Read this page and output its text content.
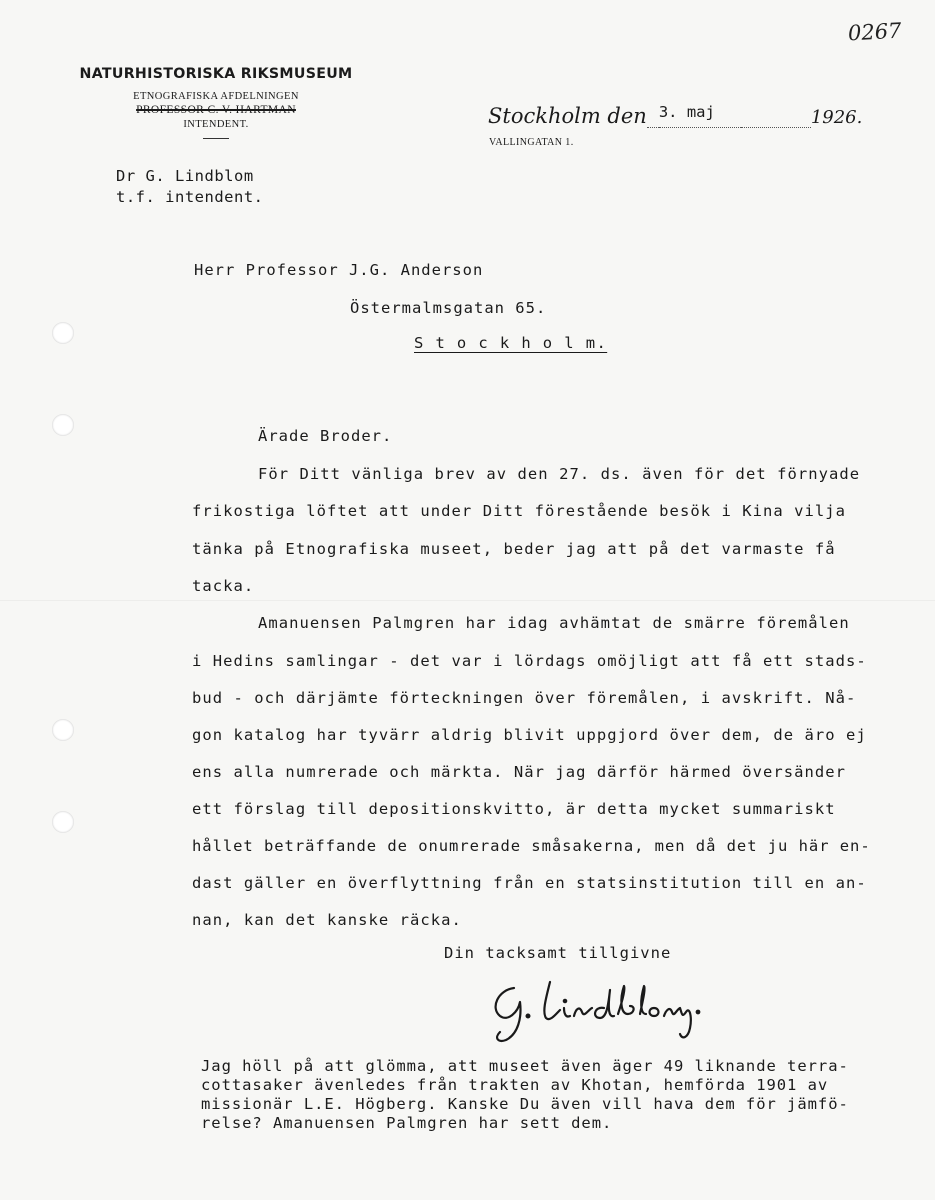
0267
NATURHISTORISKA RIKSMUSEUM
ETNOGRAFISKA AFDELNINGEN
PROFESSOR C. V. HARTMAN
INTENDENT.	Stockholm den 3. maj	1926.
VALLINGATAN 1.
Dr G. Lindblom
t.f. intendent.
Herr Professor J.G. Anderson
Östermalmsgatan 65.
S t o c k h o l m.
Ärade Broder.
För Ditt vänliga brev av den 27. ds. även för det förnyade
frikostiga löftet att under Ditt förestående besök i Kina vilja
tänka på Etnografiska museet, beder jag att på det varmaste få
tacka.
Amanuensen Palmgren har idag avhämtat de smärre föremålen
i Hedins samlingar - det var i lördags omöjligt att få ett stads-
bud - och därjämte förteckningen över föremålen, i avskrift. Nå-
gon katalog har tyvärr aldrig blivit uppgjord över dem, de äro ej
ens alla numrerade och märkta. När jag därför härmed översänder
ett förslag till depositionskvitto, är detta mycket summariskt
hållet beträffande de onumrerade småsakerna, men då det ju här en-
dast gäller en överflyttning från en statsinstitution till en an-
nan, kan det kanske räcka.
Din tacksamt tillgivne
Jag höll på att glömma, att museet även äger 49 liknande terra-
cottasaker ävenledes från trakten av Khotan, hemförda 1901 av
missionär L.E. Högberg. Kanske Du även vill hava dem för jämfö-
relse? Amanuensen Palmgren har sett dem.
